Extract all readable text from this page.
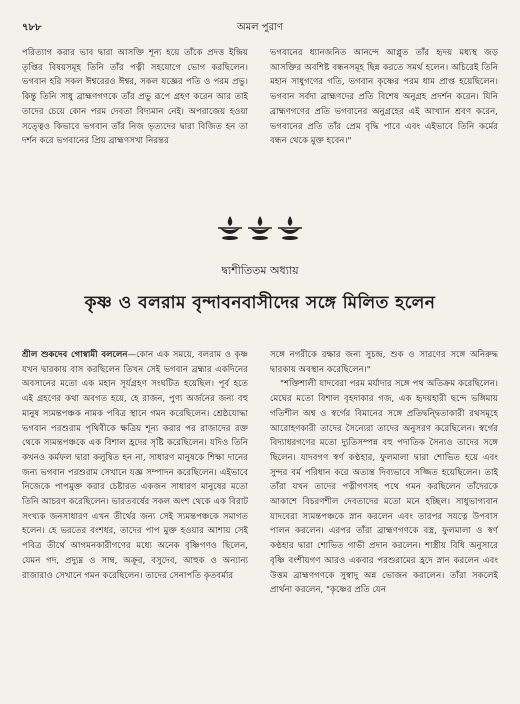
৭৮৮	অমল পুরাণ

পরিত্যাগ করার ভাব দ্বারা আসক্তি শূন্য হয়ে তাঁকে প্রদত্ত ইন্দ্রিয় তৃপ্তির বিষয়সমূহ তিনি তাঁর পত্নী সহযোগে ভোগ করছিলেন। ভগবান হরি সকল ঈশ্বরেরও ঈশ্বর, সকল যজ্ঞের পতি ও পরম প্রভু। কিন্তু তিনি সাধু ব্রাহ্মণগণকে তাঁর প্রভু রূপে গ্রহণ করেন আর তাই তাদের চেয়ে কোন পরম দেবতা বিদ্যমান নেই। অপরাজেয় হওয়া সত্ত্বেও কিভাবে ভগবান তাঁর নিজ ভৃত্যদের দ্বারা বিজিত হন তা দর্শন করে ভগবানের প্রিয় ব্রাহ্মণসখা নিরন্তর

ভগবানের ধ্যানজনিত আনন্দে আপ্লুত তাঁর হৃদয় মধ্যস্থ জড় আসক্তির অবশিষ্ট বন্ধনসমূহ ছিন্ন করতে সমর্থ হলেন। অচিরেই তিনি মহান সাধুগণের গতি, ভগবান কৃষ্ণের পরম ধাম প্রাপ্ত হয়েছিলেন। ভগবান সর্বদা ব্রাহ্মণদের প্রতি বিশেষ অনুগ্রহ প্রদর্শন করেন। যিনি ব্রাহ্মণগণের প্রতি ভগবানের অনুগ্রহের এই আখ্যান শ্রবণ করেন, ভগবানের প্রতি তাঁর প্রেম বৃদ্ধি পাবে এবং এইভাবে তিনি কর্মের বন্ধন থেকে মুক্ত হবেন।"

দ্ব্যশীতিতম অধ্যায়
কৃষ্ণ ও বলরাম বৃন্দাবনবাসীদের সঙ্গে মিলিত হলেন

শ্রীল শুকদেব গোস্বামী বললেন—কোন এক সময়ে, বলরাম ও কৃষ্ণ যখন দ্বারকায় বাস করছিলেন তিখন সেই ভগবান ব্রহ্মার একদিনের অবসানের মতো এক মহান সূর্যগ্রহণ সংঘটিত হয়েছিল। পূর্ব হতে এই গ্রহণের কথা অবগত হয়ে, হে রাজন, পুণ্য অর্জনের জন্য বহু মানুষ স্যমন্তপঞ্চক নামক পবিত্র স্থানে গমন করেছিলেন। শ্রেষ্ঠযোদ্ধা ভগবান পরশুরাম পৃথিবীকে ক্ষত্রিয় শূন্য করার পর রাজাদের রক্ত থেকে স্যমন্তপঞ্চকে এক বিশাল হ্রদের সৃষ্টি করেছিলেন। যদিও তিনি কখনও কর্মফল দ্বারা কলুষিত হন না, সাধারণ মানুষকে শিক্ষা দানের জন্য ভগবান পরশুরাম সেখানে যজ্ঞ সম্পাদন করেছিলেন। এইভাবে নিজেকে পাপমুক্ত করার চেষ্টারত একজন সাধারণ মানুষের মতো তিনি আচরণ করেছিলেন। ভারতবর্ষের সকল অংশ থেকে এক বিরাট সংখ্যক জনসাধারণ এখন তীর্থের জন্য সেই স্যমন্তপঞ্চকে সমাগত হলেন। হে ভরতের বংশধর, তাদের পাপ মুক্ত হওয়ার আশায় সেই পবিত্র তীর্থে আগমনকারীগণের মধ্যে অনেক বৃষ্ণিগণও ছিলেন, যেমন গদ, প্রদ্যুম্ন ও সাম্ব, অক্রূর, বসুদেব, আহুক ও অন্যান্য রাজারাও সেখানে গমন করেছিলেন। তাদের সেনাপতি কৃতবর্মার

সঙ্গে নগরীকে রক্ষার জন্য সুচন্দ্র, শুক ও সারণের সঙ্গে অনিরুদ্ধ দ্বারকায় অবস্থান করেছিলেন।"

"শক্তিশালী যাদবেরা পরম মর্যাদার সঙ্গে পথ অতিক্রম করেছিলেন। মেঘের মতো বিশাল বৃহদাকার গজ, এক হৃদয়হারী ছন্দে ভঙ্গিমায় গতিশীল অশ্ব ও স্বর্গের বিমানের সঙ্গে প্রতিদ্বন্দ্বিতাকারী রথসমূহে আরোহণকারী তাদের সৈন্যেরা তাদের অনুসরণ করেছিলেন। স্বর্গের বিদ্যাধরগণের মতো দ্যুতিসম্পন্ন বহু পদাতিক সৈন্যও তাদের সঙ্গে ছিলেন। যাদবগণ স্বর্ণ কণ্ঠহার, ফুলমালা দ্বারা শোভিত হয়ে এবং সুন্দর বর্ম পরিধান করে অত্যন্ত দিব্যভাবে সজ্জিত হয়েছিলেন। তাই তাঁরা যখন তাদের পত্নীগণসহ পথে গমন করছিলেন তাঁদেরকে আকাশে বিচরণশীল দেবতাদের মতো মনে হচ্ছিল। সাধুভাগ্যবান যাদবেরা স্যমন্তপঞ্চকে স্নান করলেন এবং তারপর সযত্নে উপবাস পালন করলেন। এরপর তাঁরা ব্রাহ্মণগণকে বস্ত্র, ফুলমালা ও স্বর্ণ কণ্ঠহার দ্বারা শোভিত গাভী প্রদান করলেন। শাস্ত্রীয় বিধি অনুসারে বৃষ্ণি বংশীয়গণ আরও একবার পরশুরামের হ্রদে স্নান করলেন এবং উত্তম ব্রাহ্মণগণকে সুস্বাদু অন্ন ভোজন করালেন। তাঁরা সকলেই প্রার্থনা করলেন, "কৃষ্ণের প্রতি যেন
